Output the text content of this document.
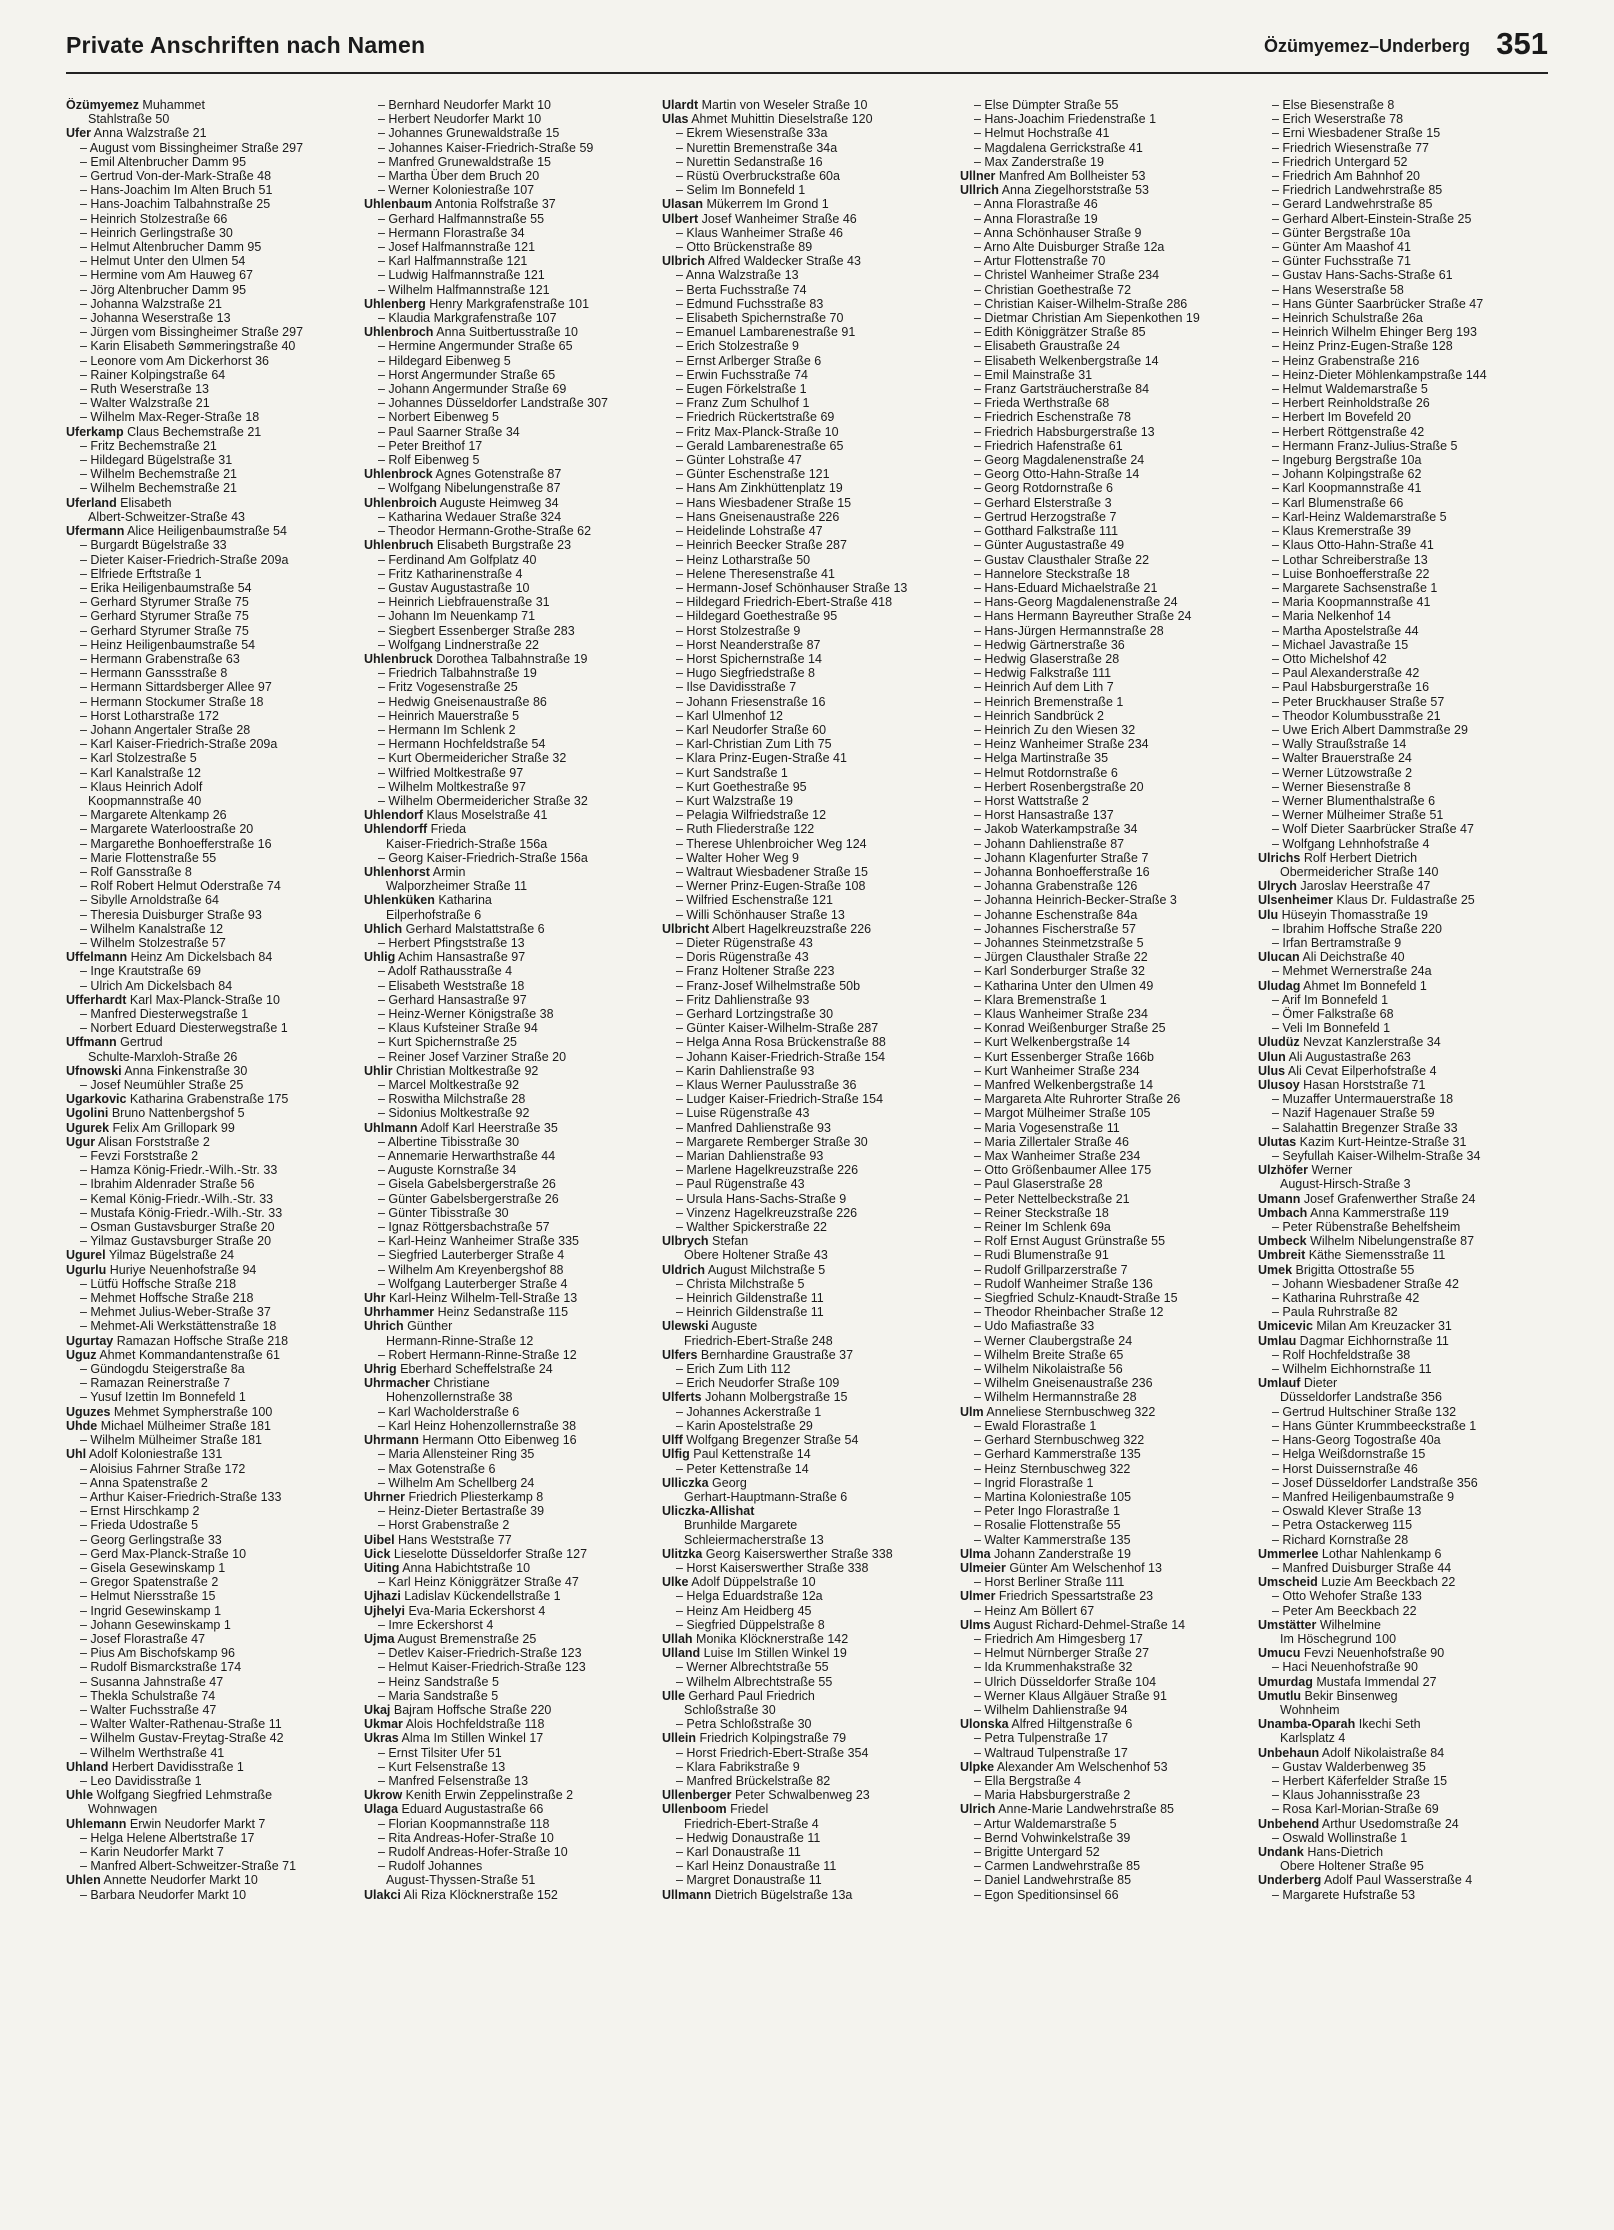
Private Anschriften nach Namen	Özümyemez–Underberg 351
Özümyemez Muhammet
Stahlstraße 50
Ufer Anna Walzstraße 21
– August vom Bissingheimer Straße 297
– Emil Altenbrucher Damm 95
– Gertrud Von-der-Mark-Straße 48
– Hans-Joachim Im Alten Bruch 51
– Hans-Joachim Talbahnstraße 25
– Heinrich Stolzestraße 66
– Heinrich Gerlingstraße 30
– Helmut Altenbrucher Damm 95
– Helmut Unter den Ulmen 54
– Hermine vom Am Hauweg 67
– Jörg Altenbrucher Damm 95
– Johanna Walzstraße 21
– Johanna Weserstraße 13
– Jürgen vom Bissingheimer Straße 297
– Karin Elisabeth Sømmeringstraße 40
– Leonore vom Am Dickerhorst 36
– Rainer Kolpingstraße 64
– Ruth Weserstraße 13
– Walter Walzstraße 21
– Wilhelm Max-Reger-Straße 18
Uferkamp Claus Bechemstraße 21
– Fritz Bechemstraße 21
– Hildegard Bügelstraße 31
– Wilhelm Bechemstraße 21
– Wilhelm Bechemstraße 21
Uferland Elisabeth
Albert-Schweitzer-Straße 43
Ufermann Alice Heiligenbaumstraße 54
– Burgardt Bügelstraße 33
– Dieter Kaiser-Friedrich-Straße 209a
– Elfriede Erftstraße 1
– Erika Heiligenbaumstraße 54
– Gerhard Styrumer Straße 75
– Gerhard Styrumer Straße 75
– Gerhard Styrumer Straße 75
– Heinz Heiligenbaumstraße 54
– Hermann Grabenstraße 63
– Hermann Ganssstraße 8
– Hermann Sittardsberger Allee 97
– Hermann Stockumer Straße 18
– Horst Lotharstraße 172
– Johann Angertaler Straße 28
– Karl Kaiser-Friedrich-Straße 209a
– Karl Stolzestraße 5
– Karl Kanalstraße 12
– Klaus Heinrich Adolf
Koopmannstraße 40
– Margarete Altenkamp 26
– Margarete Waterloostraße 20
– Margarethe Bonhoefferstraße 16
– Marie Flottenstraße 55
– Rolf Gansstraße 8
– Rolf Robert Helmut Oderstraße 74
– Sibylle Arnoldstraße 64
– Theresia Duisburger Straße 93
– Wilhelm Kanalstraße 12
– Wilhelm Stolzestraße 57
Uffelmann Heinz Am Dickelsbach 84
– Inge Krautstraße 69
– Ulrich Am Dickelsbach 84
Ufferhardt Karl Max-Planck-Straße 10
– Manfred Diesterwegstraße 1
– Norbert Eduard Diesterwegstraße 1
Uffmann Gertrud
Schulte-Marxloh-Straße 26
Ufnowski Anna Finkenstraße 30
– Josef Neumühler Straße 25
Ugarkovic Katharina Grabenstraße 175
Ugolini Bruno Nattenbergshof 5
Ugurek Felix Am Grillopark 99
Ugur Alisan Forststraße 2
– Fevzi Forststraße 2
– Hamza König-Friedr.-Wilh.-Str. 33
– Ibrahim Aldenrader Straße 56
– Kemal König-Friedr.-Wilh.-Str. 33
– Mustafa König-Friedr.-Wilh.-Str. 33
– Osman Gustavsburger Straße 20
– Yilmaz Gustavsburger Straße 20
Ugurel Yilmaz Bügelstraße 24
Ugurlu Huriye Neuenhofstraße 94
– Lütfü Hoffsche Straße 218
– Mehmet Hoffsche Straße 218
– Mehmet Julius-Weber-Straße 37
– Mehmet-Ali Werkstättenstraße 18
Ugurtay Ramazan Hoffsche Straße 218
Uguz Ahmet Kommandantenstraße 61
– Gündogdu Steigerstraße 8a
– Ramazan Reinerstraße 7
– Yusuf Izettin Im Bonnefeld 1
Uguzes Mehmet Sympherstraße 100
Uhde Michael Mülheimer Straße 181
– Wilhelm Mülheimer Straße 181
Uhl Adolf Koloniestraße 131
– Aloisius Fahrner Straße 172
– Anna Spatenstraße 2
– Arthur Kaiser-Friedrich-Straße 133
– Ernst Hirschkamp 2
– Frieda Udostraße 5
– Georg Gerlingstraße 33
– Gerd Max-Planck-Straße 10
– Gisela Gesewinskamp 1
– Gregor Spatenstraße 2
– Helmut Niersstraße 15
– Ingrid Gesewinskamp 1
– Johann Gesewinskamp 1
– Josef Florastraße 47
– Pius Am Bischofskamp 96
– Rudolf Bismarckstraße 174
– Susanna Jahnstraße 47
– Thekla Schulstraße 74
– Walter Fuchsstraße 47
– Walter Walter-Rathenau-Straße 11
– Wilhelm Gustav-Freytag-Straße 42
– Wilhelm Werthstraße 41
Uhland Herbert Davidisstraße 1
– Leo Davidisstraße 1
Uhle Wolfgang Siegfried Lehmstraße
Wohnwagen
Uhlemann Erwin Neudorfer Markt 7
– Helga Helene Albertstraße 17
– Karin Neudorfer Markt 7
– Manfred Albert-Schweitzer-Straße 71
Uhlen Annette Neudorfer Markt 10
– Barbara Neudorfer Markt 10
– Bernhard Neudorfer Markt 10
– Herbert Neudorfer Markt 10
– Johannes Grunewaldstraße 15
– Johannes Kaiser-Friedrich-Straße 59
– Manfred Grunewaldstraße 15
– Martha Über dem Bruch 20
– Werner Koloniestraße 107
Uhlenbaum Antonia Rolfstraße 37
– Gerhard Halfmannstraße 55
– Hermann Florastraße 34
– Josef Halfmannstraße 121
– Karl Halfmannstraße 121
– Ludwig Halfmannstraße 121
– Wilhelm Halfmannstraße 121
Uhlenberg Henry Markgrafenstraße 101
– Klaudia Markgrafenstraße 107
Uhlenbroch Anna Suitbertusstraße 10
– Hermine Angermunder Straße 65
– Hildegard Eibenweg 5
– Horst Angermunder Straße 65
– Johann Angermunder Straße 69
– Johannes Düsseldorfer Landstraße 307
– Norbert Eibenweg 5
– Paul Saarner Straße 34
– Peter Breithof 17
– Rolf Eibenweg 5
Uhlenbrock Agnes Gotenstraße 87
– Wolfgang Nibelungenstraße 87
Uhlenbroich Auguste Heimweg 34
– Katharina Wedauer Straße 324
– Theodor Hermann-Grothe-Straße 62
Uhlenbruch Elisabeth Burgstraße 23
– Ferdinand Am Golfplatz 40
– Fritz Katharinenstraße 4
– Gustav Augustastraße 10
– Heinrich Liebfrauenstraße 31
– Johann Im Neuenkamp 71
– Siegbert Essenberger Straße 283
– Wolfgang Lindnerstraße 22
Uhlenbruck Dorothea Talbahnstraße 19
– Friedrich Talbahnstraße 19
– Fritz Vogesenstraße 25
– Hedwig Gneisenaustraße 86
– Heinrich Mauerstraße 5
– Hermann Im Schlenk 2
– Hermann Hochfeldstraße 54
– Kurt Obermeidericher Straße 32
– Wilfried Moltkestraße 97
– Wilhelm Moltkestraße 97
– Wilhelm Obermeidericher Straße 32
Uhlendorf Klaus Moselstraße 41
Uhlendorff Frieda
Kaiser-Friedrich-Straße 156a
– Georg Kaiser-Friedrich-Straße 156a
Uhlenhorst Armin
Walporzheimer Straße 11
Uhlenküken Katharina
Eilperhofstraße 6
Uhlich Gerhard Malstattstraße 6
– Herbert Pfingststraße 13
Uhlig Achim Hansastraße 97
– Adolf Rathausstraße 4
– Elisabeth Weststraße 18
– Gerhard Hansastraße 97
– Heinz-Werner Königstraße 38
– Klaus Kufsteiner Straße 94
– Kurt Spichernstraße 25
– Reiner Josef Varziner Straße 20
Uhlir Christian Moltkestraße 92
– Marcel Moltkestraße 92
– Roswitha Milchstraße 28
– Sidonius Moltkestraße 92
Uhlmann Adolf Karl Heerstraße 35
– Albertine Tibisstraße 30
– Annemarie Herwarthstraße 44
– Auguste Kornstraße 34
– Gisela Gabelsbergerstraße 26
– Günter Gabelsbergerstraße 26
– Günter Tibisstraße 30
– Ignaz Röttgersbachstraße 57
– Karl-Heinz Wanheimer Straße 335
– Siegfried Lauterberger Straße 4
– Wilhelm Am Kreyenbergshof 88
– Wolfgang Lauterberger Straße 4
Uhr Karl-Heinz Wilhelm-Tell-Straße 13
Uhrhammer Heinz Sedanstraße 115
Uhrich Günther
Hermann-Rinne-Straße 12
– Robert Hermann-Rinne-Straße 12
Uhrig Eberhard Scheffelstraße 24
Uhrmacher Christiane
Hohenzollernstraße 38
– Karl Wacholderstraße 6
– Karl Heinz Hohenzollernstraße 38
Uhrmann Hermann Otto Eibenweg 16
– Maria Allensteiner Ring 35
– Max Gotenstraße 6
– Wilhelm Am Schellberg 24
Uhrner Friedrich Pliesterkamp 8
– Heinz-Dieter Bertastraße 39
– Horst Grabenstraße 2
Uibel Hans Weststraße 77
Uick Lieselotte Düsseldorfer Straße 127
Uiting Anna Habichtstraße 10
– Karl Heinz Königgrätzer Straße 47
Ujhazi Ladislav Kückendellstraße 1
Ujhelyi Eva-Maria Eckershorst 4
– Imre Eckershorst 4
Ujma August Bremenstraße 25
– Detlev Kaiser-Friedrich-Straße 123
– Helmut Kaiser-Friedrich-Straße 123
– Heinz Sandstraße 5
– Maria Sandstraße 5
Ukaj Bajram Hoffsche Straße 220
Ukmar Alois Hochfeldstraße 118
Ukras Alma Im Stillen Winkel 17
– Ernst Tilsiter Ufer 51
– Kurt Felsenstraße 13
– Manfred Felsenstraße 13
Ukrow Kenith Erwin Zeppelinstraße 2
Ulaga Eduard Augustastraße 66
– Florian Koopmannstraße 118
– Rita Andreas-Hofer-Straße 10
– Rudolf Andreas-Hofer-Straße 10
– Rudolf Johannes
August-Thyssen-Straße 51
Ulakci Ali Riza Klöcknerstraße 152
Ulardt Martin von Weseler Straße 10
Ulas Ahmet Muhittin Dieselstraße 120
– Ekrem Wiesenstraße 33a
– Nurettin Bremenstraße 34a
– Nurettin Sedanstraße 16
– Rüstü Overbruckstraße 60a
– Selim Im Bonnefeld 1
Ulasan Mükerrem Im Grond 1
Ulbert Josef Wanheimer Straße 46
– Klaus Wanheimer Straße 46
– Otto Brückenstraße 89
Ulbrich Alfred Waldecker Straße 43
– Anna Walzstraße 13
– Berta Fuchsstraße 74
– Edmund Fuchsstraße 83
– Elisabeth Spichernstraße 70
– Emanuel Lambarenestraße 91
– Erich Stolzestraße 9
– Ernst Arlberger Straße 6
– Erwin Fuchsstraße 74
– Eugen Förkelstraße 1
– Franz Zum Schulhof 1
– Friedrich Rückertstraße 69
– Fritz Max-Planck-Straße 10
– Gerald Lambarenestraße 65
– Günter Lohstraße 47
– Günter Eschenstraße 121
– Hans Am Zinkhüttenplatz 19
– Hans Wiesbadener Straße 15
– Hans Gneisenaustraße 226
– Heidelinde Lohstraße 47
– Heinrich Beecker Straße 287
– Heinz Lotharstraße 50
– Helene Theresenstraße 41
– Hermann-Josef Schönhauser Straße 13
– Hildegard Friedrich-Ebert-Straße 418
– Hildegard Goethestraße 95
– Horst Stolzestraße 9
– Horst Neanderstraße 87
– Horst Spichernstraße 14
– Hugo Siegfriedstraße 8
– Ilse Davidisstraße 7
– Johann Friesenstraße 16
– Karl Ulmenhof 12
– Karl Neudorfer Straße 60
– Karl-Christian Zum Lith 75
– Klara Prinz-Eugen-Straße 41
– Kurt Sandstraße 1
– Kurt Goethestraße 95
– Kurt Walzstraße 19
– Pelagia Wilfriedstraße 12
– Ruth Fliederstraße 122
– Therese Uhlenbroicher Weg 124
– Walter Hoher Weg 9
– Waltraut Wiesbadener Straße 15
– Werner Prinz-Eugen-Straße 108
– Wilfried Eschenstraße 121
– Willi Schönhauser Straße 13
Ulbricht Albert Hagelkreuzstraße 226
– Dieter Rügenstraße 43
– Doris Rügenstraße 43
– Franz Holtener Straße 223
– Franz-Josef Wilhelmstraße 50b
– Fritz Dahlienstraße 93
– Gerhard Lortzingstraße 30
– Günter Kaiser-Wilhelm-Straße 287
– Helga Anna Rosa Brückenstraße 88
– Johann Kaiser-Friedrich-Straße 154
– Karin Dahlienstraße 93
– Klaus Werner Paulusstraße 36
– Ludger Kaiser-Friedrich-Straße 154
– Luise Rügenstraße 43
– Manfred Dahlienstraße 93
– Margarete Remberger Straße 30
– Marian Dahlienstraße 93
– Marlene Hagelkreuzstraße 226
– Paul Rügenstraße 43
– Ursula Hans-Sachs-Straße 9
– Vinzenz Hagelkreuzstraße 226
– Walther Spickerstraße 22
Ulbrych Stefan
Obere Holtener Straße 43
Uldrich August Milchstraße 5
– Christa Milchstraße 5
– Heinrich Gildenstraße 11
– Heinrich Gildenstraße 11
Ulewski Auguste
Friedrich-Ebert-Straße 248
Ulfers Bernhardine Graustraße 37
– Erich Zum Lith 112
– Erich Neudorfer Straße 109
Ulferts Johann Molbergstraße 15
– Johannes Ackerstraße 1
– Karin Apostelstraße 29
Ulff Wolfgang Bregenzer Straße 54
Ulfig Paul Kettenstraße 14
– Peter Kettenstraße 14
Ulliczka Georg
Gerhart-Hauptmann-Straße 6
Uliczka-Allishat
Brunhilde Margarete
Schleiermacherstraße 13
Ulitzka Georg Kaiserswerther Straße 338
– Horst Kaiserswerther Straße 338
Ulke Adolf Düppelstraße 10
– Helga Eduardstraße 12a
– Heinz Am Heidberg 45
– Siegfried Düppelstraße 8
Ullah Monika Klöcknerstraße 142
Ulland Luise Im Stillen Winkel 19
– Werner Albrechtstraße 55
– Wilhelm Albrechtstraße 55
Ulle Gerhard Paul Friedrich
Schloßstraße 30
– Petra Schloßstraße 30
Ullein Friedrich Kolpingstraße 79
– Horst Friedrich-Ebert-Straße 354
– Klara Fabrikstraße 9
– Manfred Brückelstraße 82
Ullenberger Peter Schwalbenweg 23
Ullenboom Friedel
Friedrich-Ebert-Straße 4
– Hedwig Donaustraße 11
– Karl Donaustraße 11
– Karl Heinz Donaustraße 11
– Margret Donaustraße 11
Ullmann Dietrich Bügelstraße 13a
– Else Dümpter Straße 55
– Hans-Joachim Friedenstraße 1
– Helmut Hochstraße 41
– Magdalena Gerrickstraße 41
– Max Zanderstraße 19
Ullner Manfred Am Bollheister 53
Ullrich Anna Ziegelhorststraße 53
– Anna Florastraße 46
– Anna Florastraße 19
– Anna Schönhauser Straße 9
– Arno Alte Duisburger Straße 12a
– Artur Flottenstraße 70
– Christel Wanheimer Straße 234
– Christian Goethestraße 72
– Christian Kaiser-Wilhelm-Straße 286
– Dietmar Christian Am Siepenkothen 19
– Edith Königgrätzer Straße 85
– Elisabeth Graustraße 24
– Elisabeth Welkenbergstraße 14
– Emil Mainstraße 31
– Franz Gartsträucherstraße 84
– Frieda Werthstraße 68
– Friedrich Eschenstraße 78
– Friedrich Habsburgerstraße 13
– Friedrich Hafenstraße 61
– Georg Magdalenenstraße 24
– Georg Otto-Hahn-Straße 14
– Georg Rotdornstraße 6
– Gerhard Elsterstraße 3
– Gertrud Herzogstraße 7
– Gotthard Falkstraße 111
– Günter Augustastraße 49
– Gustav Clausthaler Straße 22
– Hannelore Steckstraße 18
– Hans-Eduard Michaelstraße 21
– Hans-Georg Magdalenenstraße 24
– Hans Hermann Bayreuther Straße 24
– Hans-Jürgen Hermannstraße 28
– Hedwig Gärtnerstraße 36
– Hedwig Glaserstraße 28
– Hedwig Falkstraße 111
– Heinrich Auf dem Lith 7
– Heinrich Bremenstraße 1
– Heinrich Sandbrück 2
– Heinrich Zu den Wiesen 32
– Heinz Wanheimer Straße 234
– Helga Martinstraße 35
– Helmut Rotdornstraße 6
– Herbert Rosenbergstraße 20
– Horst Wattstraße 2
– Horst Hansastraße 137
– Jakob Waterkampstraße 34
– Johann Dahlienstraße 87
– Johann Klagenfurter Straße 7
– Johanna Bonhoefferstraße 16
– Johanna Grabenstraße 126
– Johanna Heinrich-Becker-Straße 3
– Johanne Eschenstraße 84a
– Johannes Fischerstraße 57
– Johannes Steinmetzstraße 5
– Jürgen Clausthaler Straße 22
– Karl Sonderburger Straße 32
– Katharina Unter den Ulmen 49
– Klara Bremenstraße 1
– Klaus Wanheimer Straße 234
– Konrad Weißenburger Straße 25
– Kurt Welkenbergstraße 14
– Kurt Essenberger Straße 166b
– Kurt Wanheimer Straße 234
– Manfred Welkenbergstraße 14
– Margareta Alte Ruhrorter Straße 26
– Margot Mülheimer Straße 105
– Maria Vogesenstraße 11
– Maria Zillertaler Straße 46
– Max Wanheimer Straße 234
– Otto Größenbaumer Allee 175
– Paul Glaserstraße 28
– Peter Nettelbeckstraße 21
– Reiner Steckstraße 18
– Reiner Im Schlenk 69a
– Rolf Ernst August Grünstraße 55
– Rudi Blumenstraße 91
– Rudolf Grillparzerstraße 7
– Rudolf Wanheimer Straße 136
– Siegfried Schulz-Knaudt-Straße 15
– Theodor Rheinbacher Straße 12
– Udo Mafiastraße 33
– Werner Claubergstraße 24
– Wilhelm Breite Straße 65
– Wilhelm Nikolaistraße 56
– Wilhelm Gneisenaustraße 236
– Wilhelm Hermannstraße 28
Ulm Anneliese Sternbuschweg 322
– Ewald Florastraße 1
– Gerhard Sternbuschweg 322
– Gerhard Kammerstraße 135
– Heinz Sternbuschweg 322
– Ingrid Florastraße 1
– Martina Koloniestraße 105
– Peter Ingo Florastraße 1
– Rosalie Flottenstraße 55
– Walter Kammerstraße 135
Ulma Johann Zanderstraße 19
Ulmeier Günter Am Welschenhof 13
– Horst Berliner Straße 111
Ulmer Friedrich Spessartstraße 23
– Heinz Am Böllert 67
Ulms August Richard-Dehmel-Straße 14
– Friedrich Am Himgesberg 17
– Helmut Nürnberger Straße 27
– Ida Krummenhakstraße 32
– Ulrich Düsseldorfer Straße 104
– Werner Klaus Allgäuer Straße 91
– Wilhelm Dahlienstraße 94
Ulonska Alfred Hiltgenstraße 6
– Petra Tulpenstraße 17
– Waltraud Tulpenstraße 17
Ulpke Alexander Am Welschenhof 53
– Ella Bergstraße 4
– Maria Habsburgerstraße 2
Ulrich Anne-Marie Landwehrstraße 85
– Artur Waldemarstraße 5
– Bernd Vohwinkelstraße 39
– Brigitte Untergard 52
– Carmen Landwehrstraße 85
– Daniel Landwehrstraße 85
– Egon Speditionsinsel 66
– Else Biesenstraße 8
– Erich Weserstraße 78
– Erni Wiesbadener Straße 15
– Friedrich Wiesenstraße 77
– Friedrich Untergard 52
– Friedrich Am Bahnhof 20
– Friedrich Landwehrstraße 85
– Gerard Landwehrstraße 85
– Gerhard Albert-Einstein-Straße 25
– Günter Bergstraße 10a
– Günter Am Maashof 41
– Günter Fuchsstraße 71
– Gustav Hans-Sachs-Straße 61
– Hans Weserstraße 58
– Hans Günter Saarbrücker Straße 47
– Heinrich Schulstraße 26a
– Heinrich Wilhelm Ehinger Berg 193
– Heinz Prinz-Eugen-Straße 128
– Heinz Grabenstraße 216
– Heinz-Dieter Möhlenkampstraße 144
– Helmut Waldemarstraße 5
– Herbert Reinholdstraße 26
– Herbert Im Bovefeld 20
– Herbert Röttgenstraße 42
– Hermann Franz-Julius-Straße 5
– Ingeburg Bergstraße 10a
– Johann Kolpingstraße 62
– Karl Koopmannstraße 41
– Karl Blumenstraße 66
– Karl-Heinz Waldemarstraße 5
– Klaus Kremerstraße 39
– Klaus Otto-Hahn-Straße 41
– Lothar Schreiberstraße 13
– Luise Bonhoefferstraße 22
– Margarete Sachsenstraße 1
– Maria Koopmannstraße 41
– Maria Nelkenhof 14
– Martha Apostelstraße 44
– Michael Javastraße 15
– Otto Michelshof 42
– Paul Alexanderstraße 42
– Paul Habsburgerstraße 16
– Peter Bruckhauser Straße 57
– Theodor Kolumbusstraße 21
– Uwe Erich Albert Dammstraße 29
– Wally Straußstraße 14
– Walter Brauerstraße 24
– Werner Lützowstraße 2
– Werner Biesenstraße 8
– Werner Blumenthalstraße 6
– Werner Mülheimer Straße 51
– Wolf Dieter Saarbrücker Straße 47
– Wolfgang Lehnhofstraße 4
Ulrichs Rolf Herbert Dietrich
Obermeidericher Straße 140
Ulrych Jaroslav Heerstraße 47
Ulsenheimer Klaus Dr. Fuldastraße 25
Ulu Hüseyin Thomasstraße 19
– Ibrahim Hoffsche Straße 220
– Irfan Bertramstraße 9
Ulucan Ali Deichstraße 40
– Mehmet Wernerstraße 24a
Uludag Ahmet Im Bonnefeld 1
– Arif Im Bonnefeld 1
– Ömer Falkstraße 68
– Veli Im Bonnefeld 1
Uludüz Nevzat Kanzlerstraße 34
Ulun Ali Augustastraße 263
Ulus Ali Cevat Eilperhofstraße 4
Ulusoy Hasan Horststraße 71
– Muzaffer Untermauerstraße 18
– Nazif Hagenauer Straße 59
– Salahattin Bregenzer Straße 33
Ulutas Kazim Kurt-Heintze-Straße 31
– Seyfullah Kaiser-Wilhelm-Straße 34
Ulzhöfer Werner
August-Hirsch-Straße 3
Umann Josef Grafenwerther Straße 24
Umbach Anna Kammerstraße 119
– Peter Rübenstraße Behelfsheim
Umbeck Wilhelm Nibelungenstraße 87
Umbreit Käthe Siemensstraße 11
Umek Brigitta Ottostraße 55
– Johann Wiesbadener Straße 42
– Katharina Ruhrstraße 42
– Paula Ruhrstraße 82
Umicevic Milan Am Kreuzacker 31
Umlau Dagmar Eichhornstraße 11
– Rolf Hochfeldstraße 38
– Wilhelm Eichhornstraße 11
Umlauf Dieter
Düsseldorfer Landstraße 356
– Gertrud Hultschiner Straße 132
– Hans Günter Krummbeeckstraße 1
– Hans-Georg Togostraße 40a
– Helga Weißdornstraße 15
– Horst Duissernstraße 46
– Josef Düsseldorfer Landstraße 356
– Manfred Heiligenbaumstraße 9
– Oswald Klever Straße 13
– Petra Ostackerweg 115
– Richard Kornstraße 28
Ummerlee Lothar Nahlenkamp 6
– Manfred Duisburger Straße 44
Umscheid Luzie Am Beeckbach 22
– Otto Wehofer Straße 133
– Peter Am Beeckbach 22
Umstätter Wilhelmine
Im Höschegrund 100
Umucu Fevzi Neuenhofstraße 90
– Haci Neuenhofstraße 90
Umurdag Mustafa Immendal 27
Umutlu Bekir Binsenweg
Wohnheim
Unamba-Oparah Ikechi Seth
Karlsplatz 4
Unbehaun Adolf Nikolaistraße 84
– Gustav Walderbenweg 35
– Herbert Käferfelder Straße 15
– Klaus Johannisstraße 23
– Rosa Karl-Morian-Straße 69
Unbehend Arthur Usedomstraße 24
– Oswald Wollinstraße 1
Undank Hans-Dietrich
Obere Holtener Straße 95
Underberg Adolf Paul Wasserstraße 4
– Margarete Hufstraße 53
